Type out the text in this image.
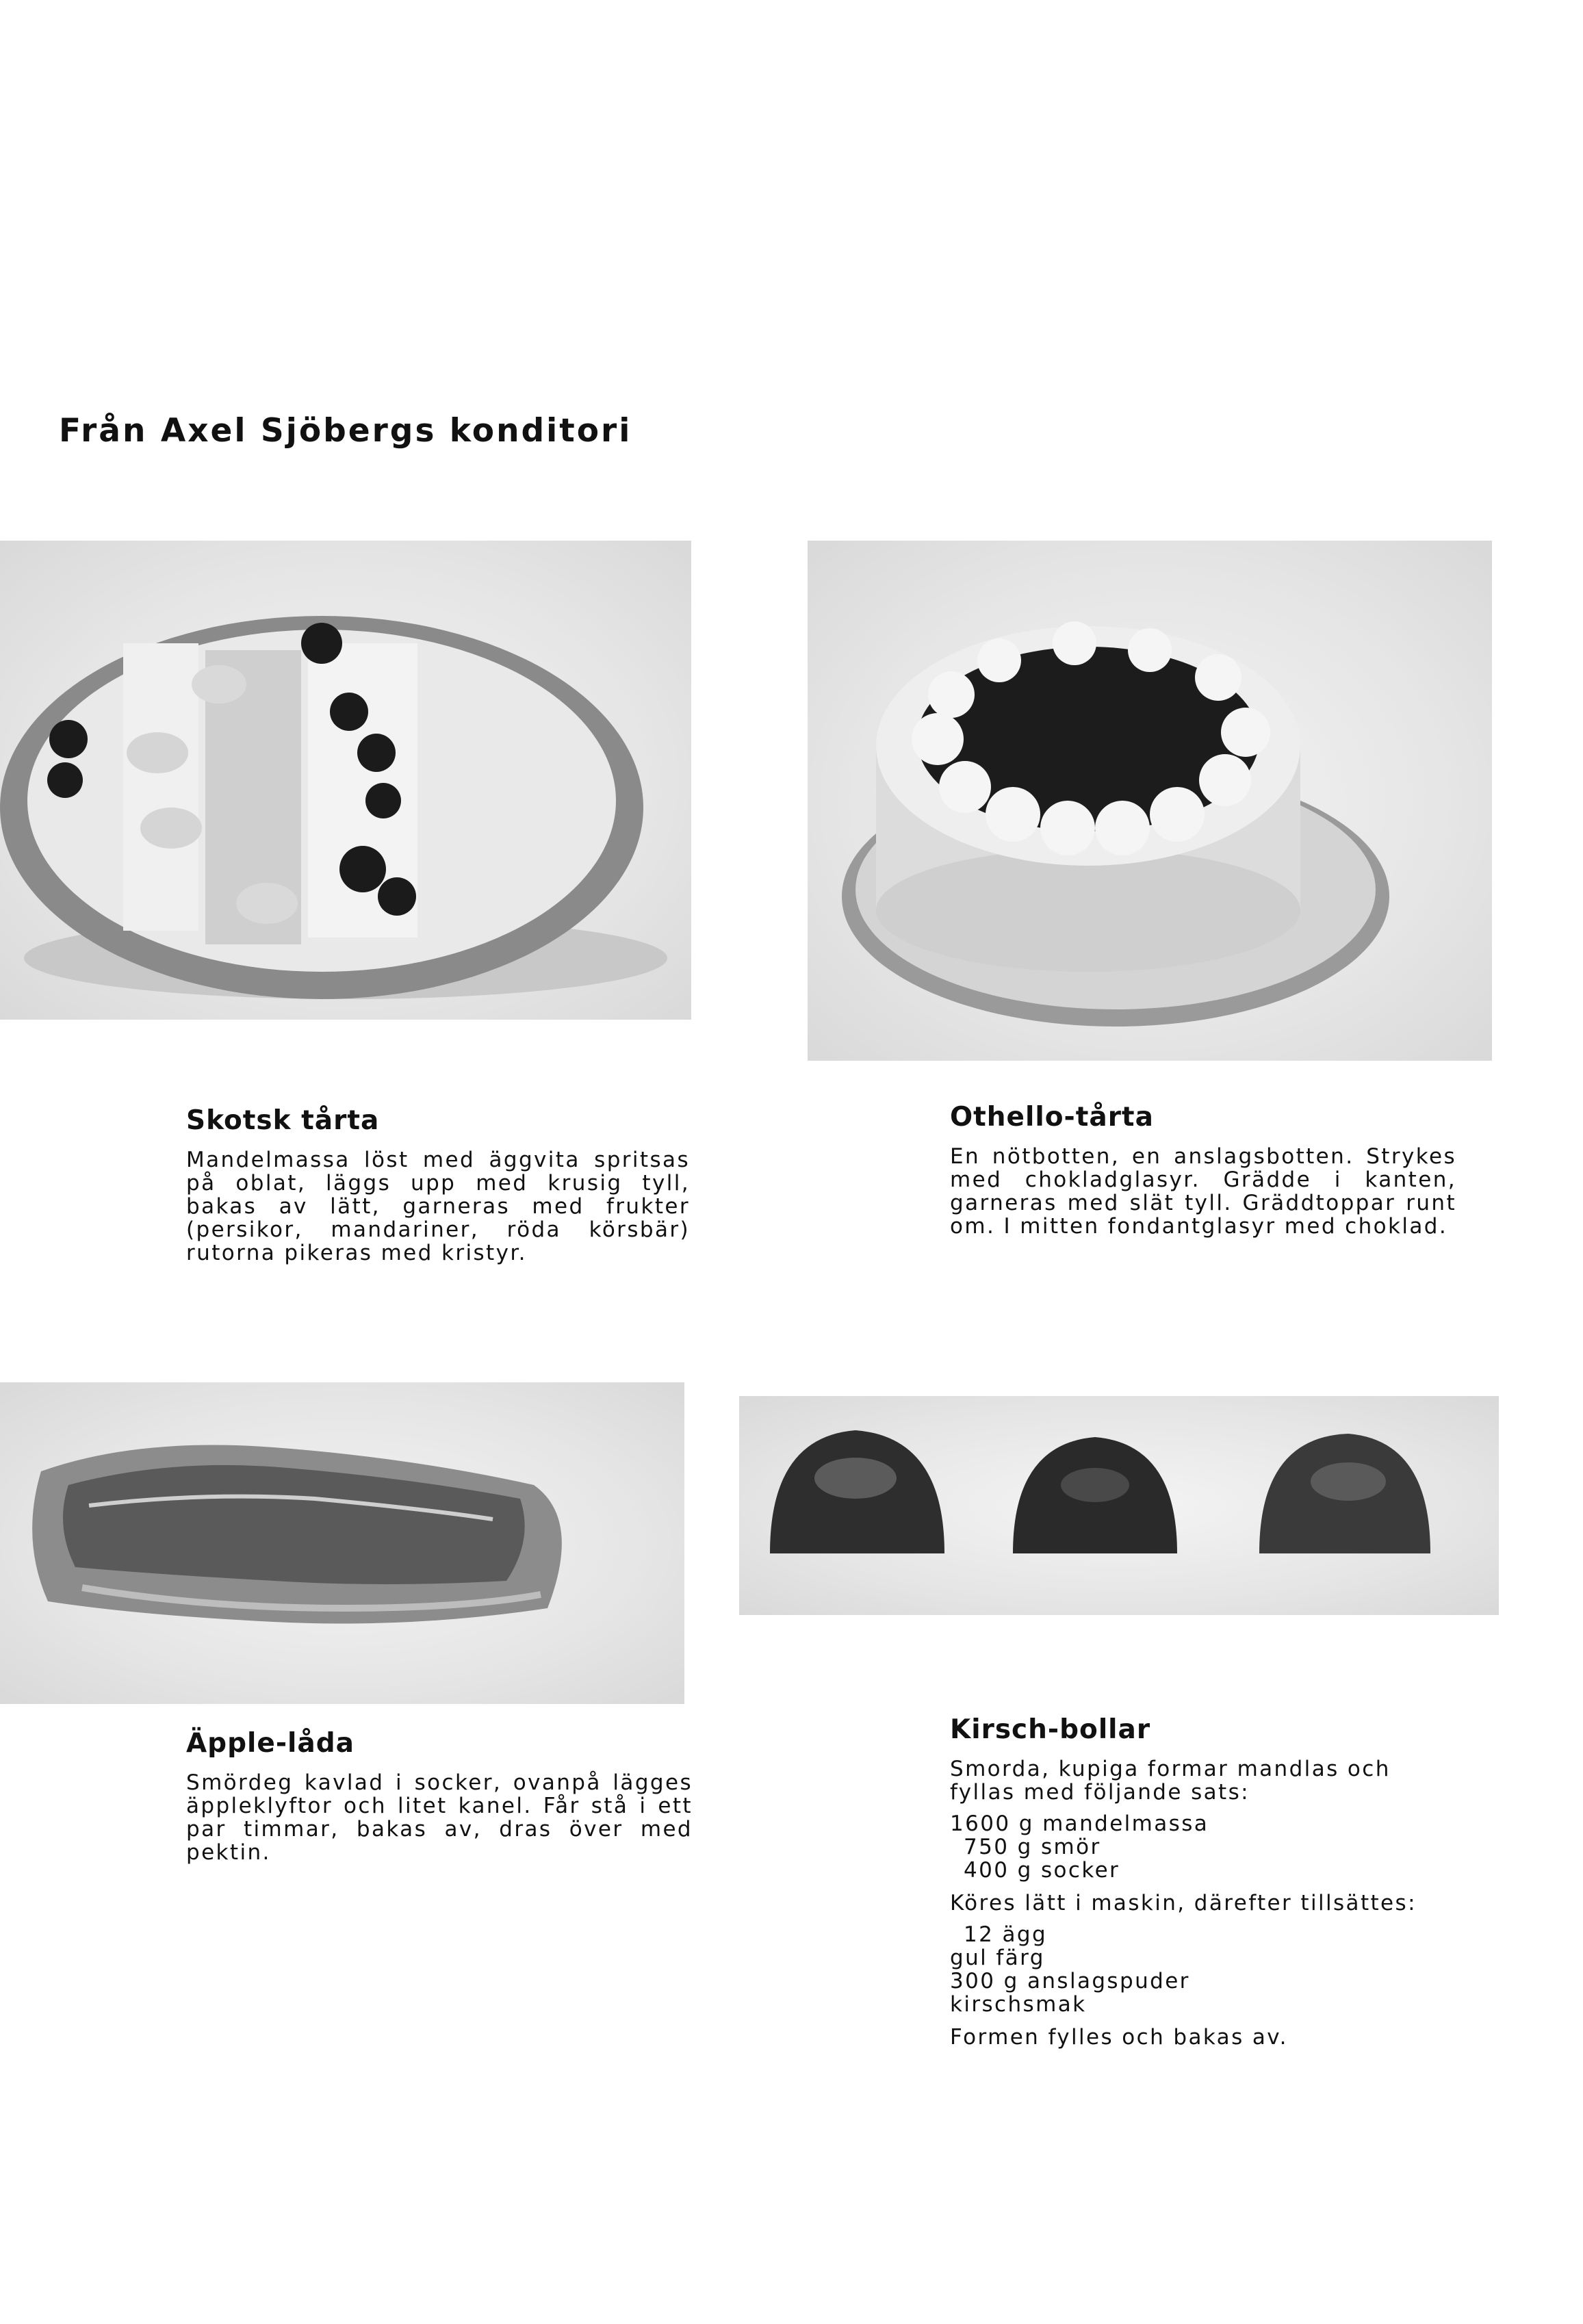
Från Axel Sjöbergs konditori
Skotsk tårta
Mandelmassa löst med äggvita spritsas på oblat, läggs upp med krusig tyll, bakas av lätt, garneras med frukter (persikor, mandariner, röda körsbär) rutorna pikeras med kristyr.
Othello-tårta
En nötbotten, en anslagsbotten. Strykes med chokladglasyr. Grädde i kanten, garneras med slät tyll. Gräddtoppar runt om. I mitten fondantglasyr med choklad.
Äpple-låda
Smördeg kavlad i socker, ovanpå lägges äppleklyftor och litet kanel. Får stå i ett par timmar, bakas av, dras över med pektin.
Kirsch-bollar
Smorda, kupiga formar mandlas och fyllas med följande sats:
1600 g mandelmassa
750 g smör
400 g socker
Köres lätt i maskin, därefter tillsättes:
12 ägg
gul färg
300 g anslagspuder
kirschsmak
Formen fylles och bakas av.
